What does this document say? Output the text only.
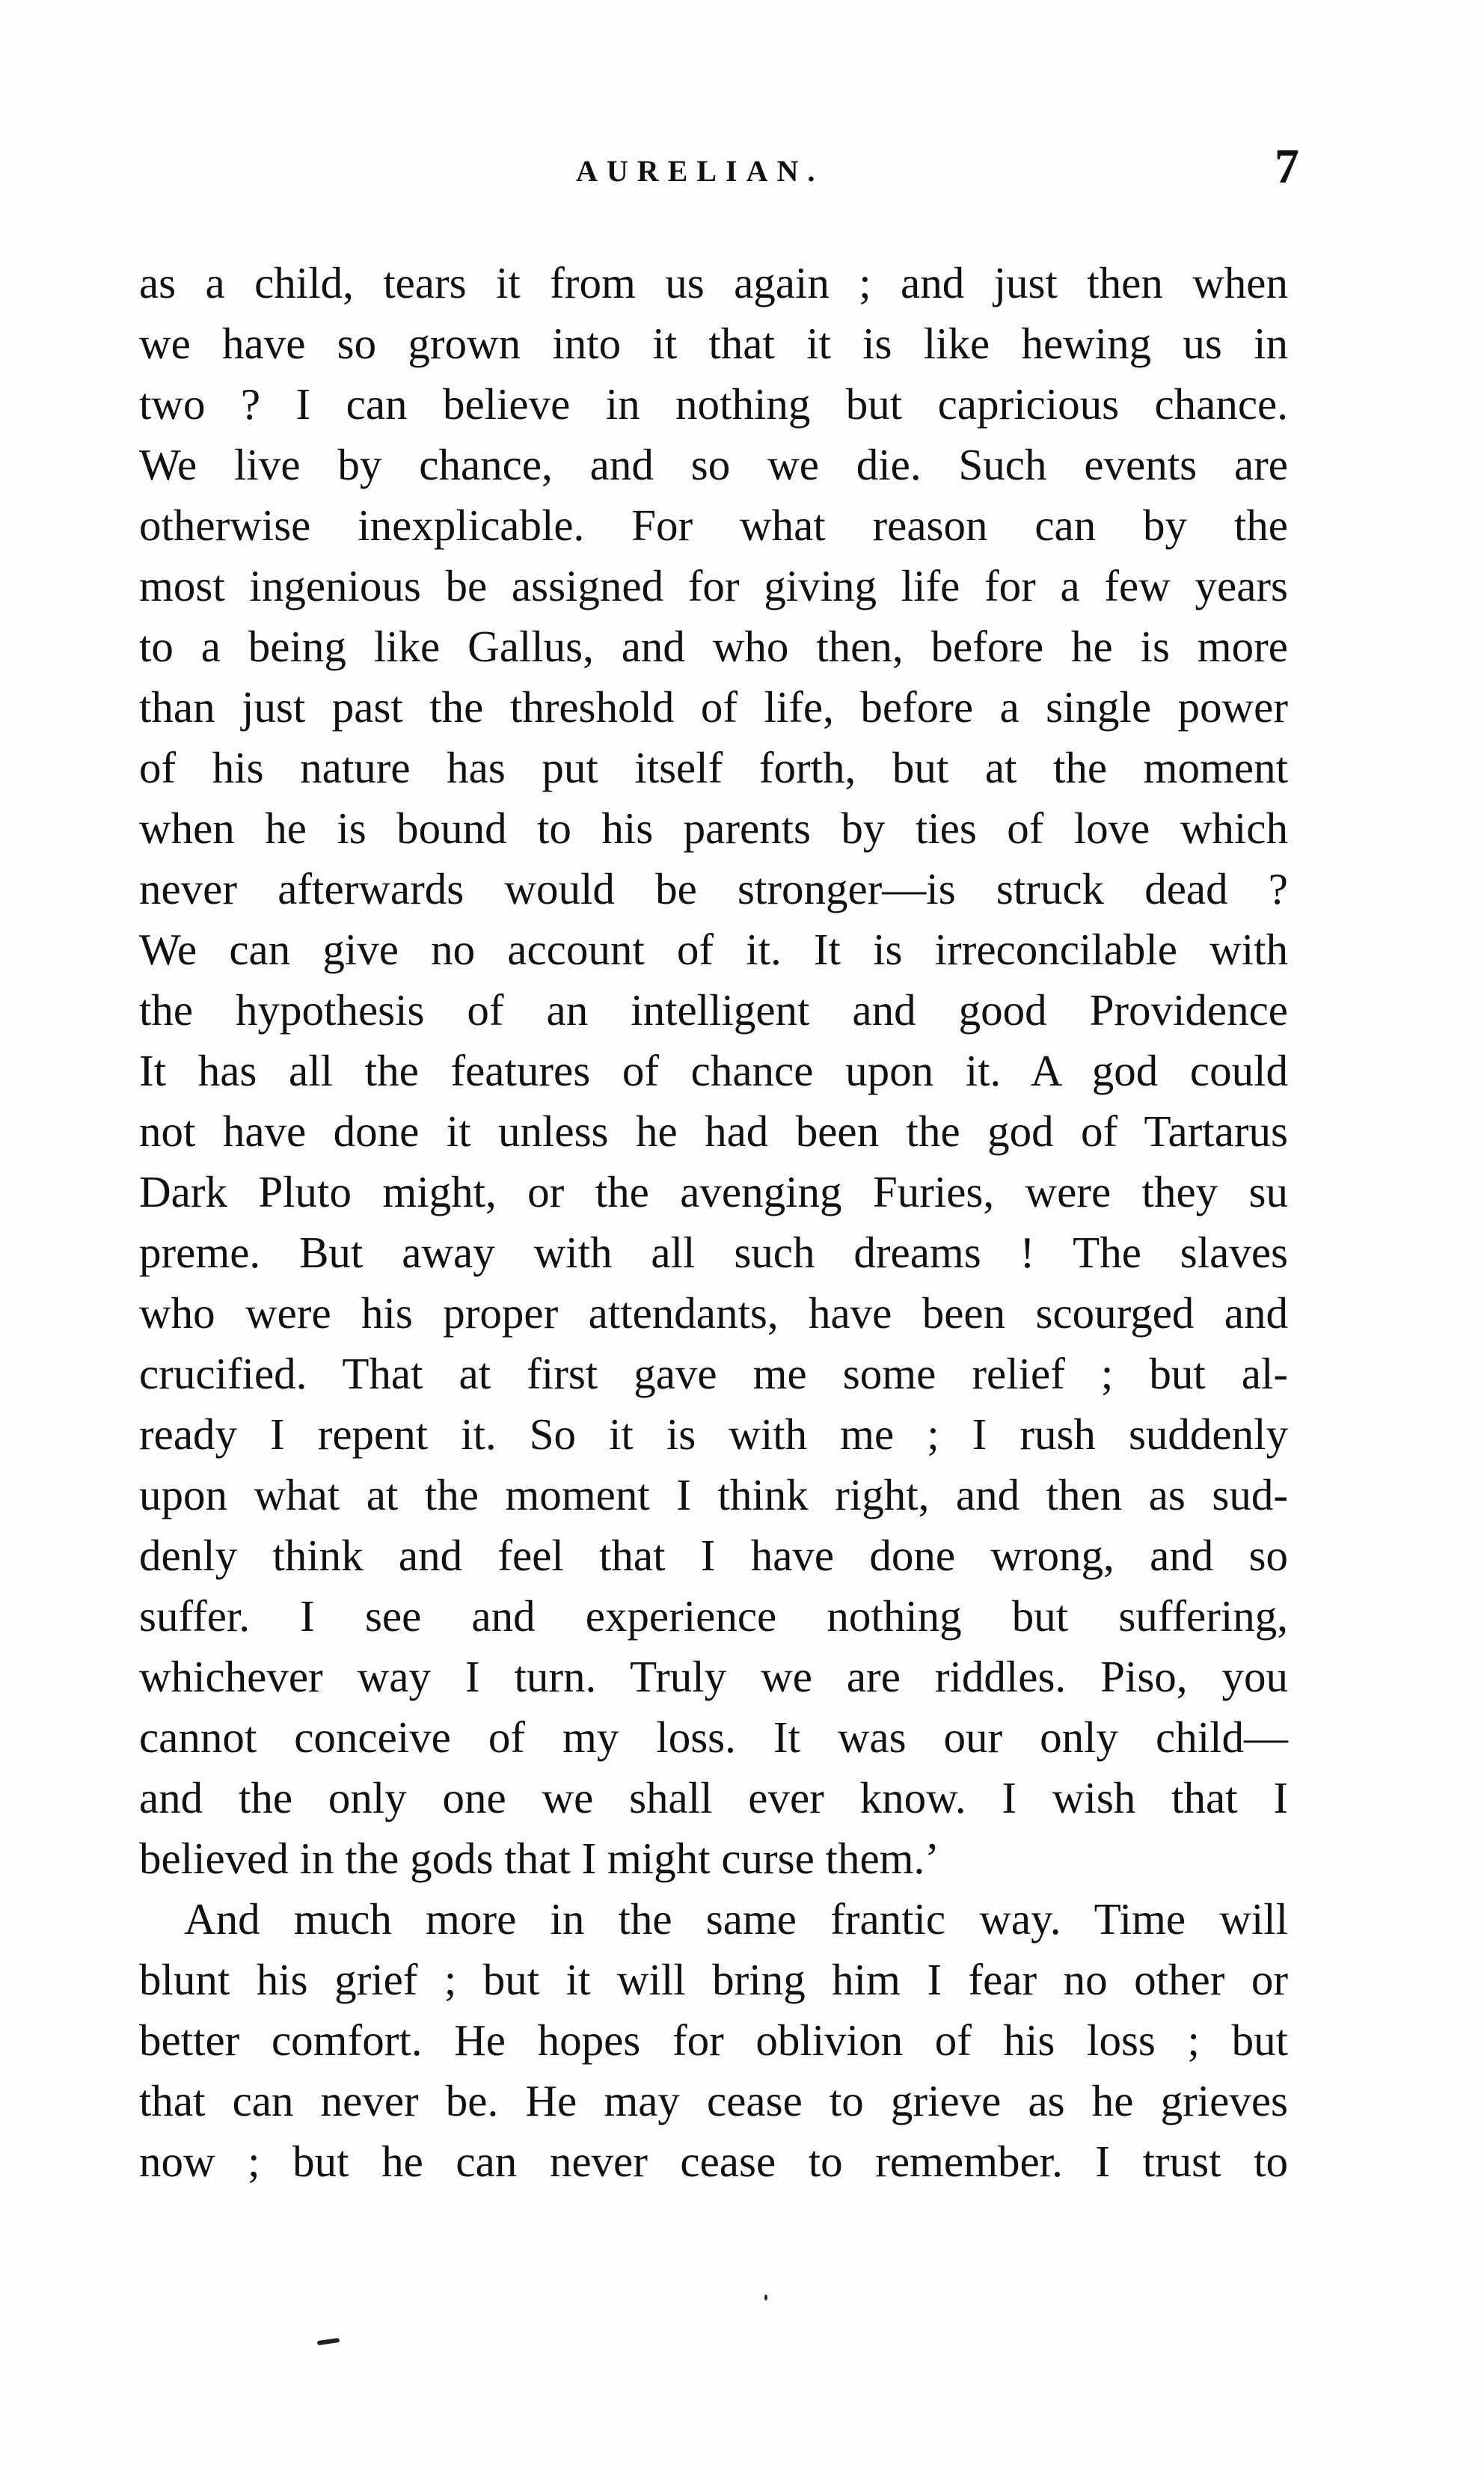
AURELIAN.	7
as a child, tears it from us again ; and just then when
we have so grown into it that it is like hewing us in
two ? I can believe in nothing but capricious chance.
We live by chance, and so we die. Such events are
otherwise inexplicable. For what reason can by the
most ingenious be assigned for giving life for a few years
to a being like Gallus, and who then, before he is more
than just past the threshold of life, before a single power
of his nature has put itself forth, but at the moment
when he is bound to his parents by ties of love which
never afterwards would be stronger—is struck dead ?
We can give no account of it. It is irreconcilable with
the hypothesis of an intelligent and good Providence
It has all the features of chance upon it. A god could
not have done it unless he had been the god of Tartarus
Dark Pluto might, or the avenging Furies, were they su
preme. But away with all such dreams ! The slaves
who were his proper attendants, have been scourged and
crucified. That at first gave me some relief ; but al-
ready I repent it. So it is with me ; I rush suddenly
upon what at the moment I think right, and then as sud-
denly think and feel that I have done wrong, and so
suffer. I see and experience nothing but suffering,
whichever way I turn. Truly we are riddles. Piso, you
cannot conceive of my loss. It was our only child—
and the only one we shall ever know. I wish that I
believed in the gods that I might curse them.’
And much more in the same frantic way. Time will
blunt his grief ; but it will bring him I fear no other or
better comfort. He hopes for oblivion of his loss ; but
that can never be. He may cease to grieve as he grieves
now ; but he can never cease to remember. I trust to
